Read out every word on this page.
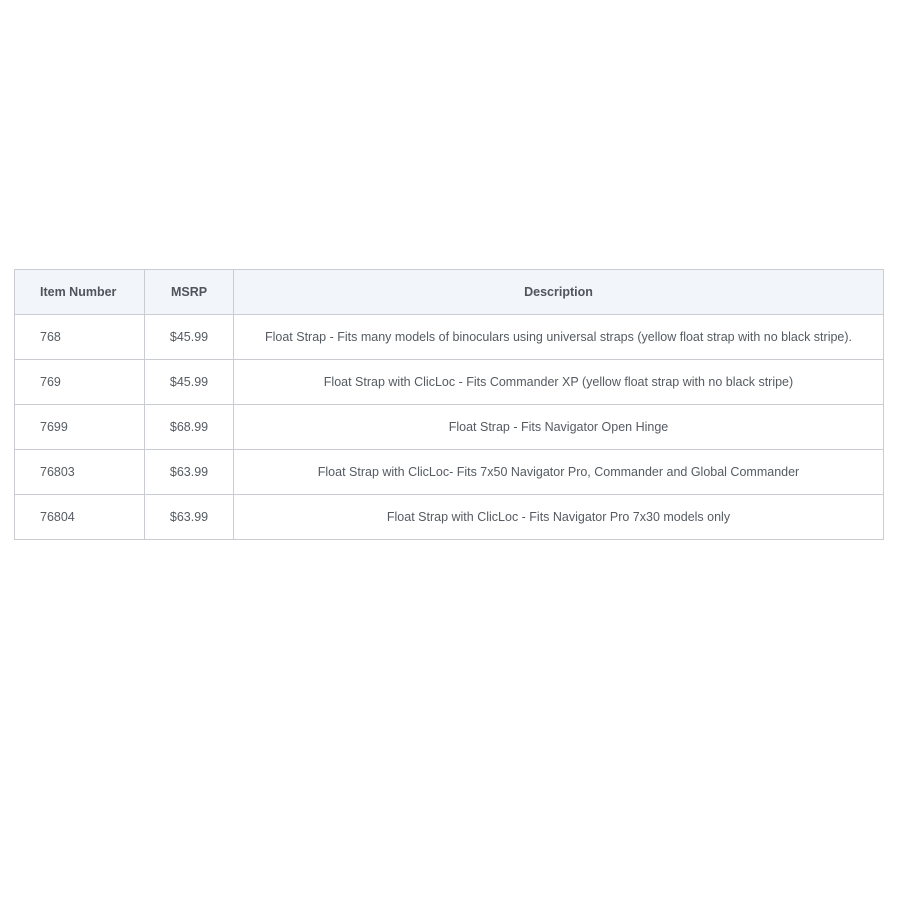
Item Number	MSRP	Description
768	$45.99	Float Strap - Fits many models of binoculars using universal straps (yellow float strap with no black stripe).
769	$45.99	Float Strap with ClicLoc - Fits Commander XP (yellow float strap with no black stripe)
7699	$68.99	Float Strap - Fits Navigator Open Hinge
76803	$63.99	Float Strap with ClicLoc- Fits 7x50 Navigator Pro, Commander and Global Commander
76804	$63.99	Float Strap with ClicLoc - Fits Navigator Pro 7x30 models only
